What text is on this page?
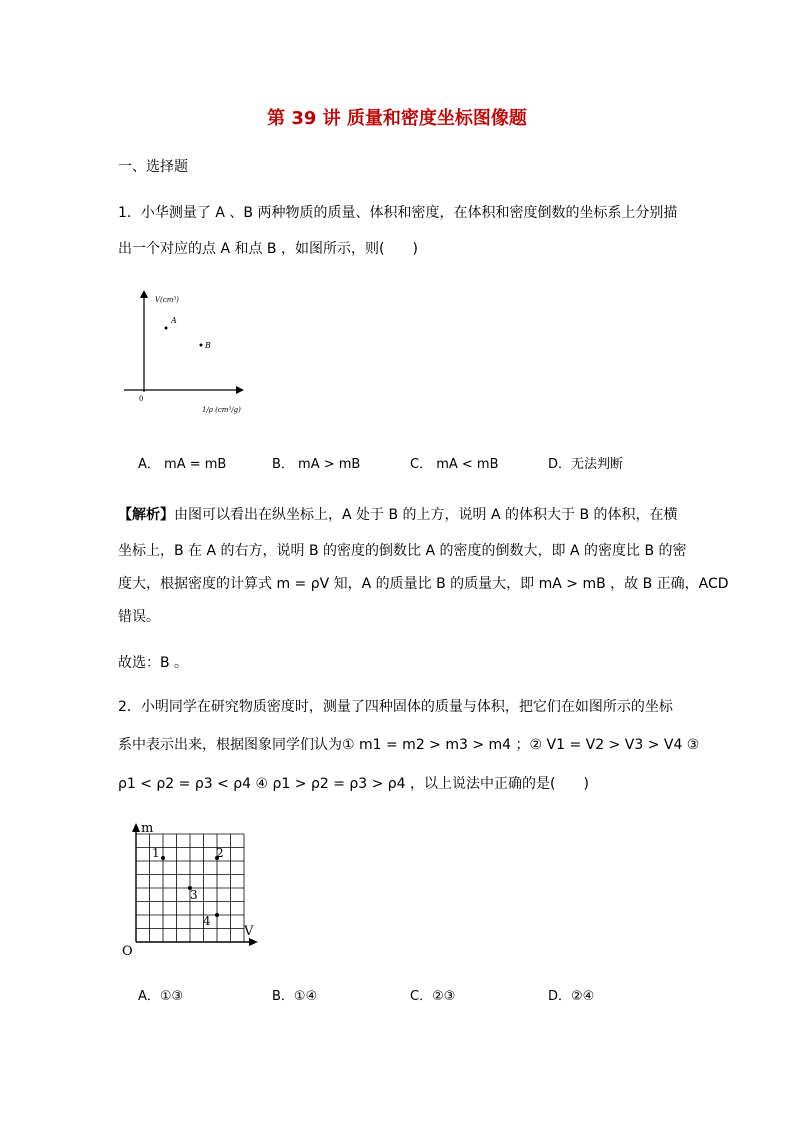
第 39 讲 质量和密度坐标图像题
一、选择题
1．小华测量了 A 、B 两种物质的质量、体积和密度，在体积和密度倒数的坐标系上分别描
出一个对应的点 A 和点 B ，如图所示，则(　　)
V(cm³)
1/ρ (cm³/g)
0
A
B
A． mA = mB	B． mA > mB	C． mA < mB	D．无法判断
【解析】由图可以看出在纵坐标上，A 处于 B 的上方，说明 A 的体积大于 B 的体积，在横
坐标上，B 在 A 的右方，说明 B 的密度的倒数比 A 的密度的倒数大，即 A 的密度比 B 的密
度大，根据密度的计算式 m = ρV 知，A 的质量比 B 的质量大，即 mA > mB ，故 B 正确，ACD
错误。
故选：B 。
2．小明同学在研究物质密度时，测量了四种固体的质量与体积，把它们在如图所示的坐标
系中表示出来，根据图象同学们认为① m1 = m2 > m3 > m4 ；② V1 = V2 > V3 > V4 ③
ρ1 < ρ2 = ρ3 < ρ4 ④ ρ1 > ρ2 = ρ3 > ρ4 ，以上说法中正确的是(　　)
m
V
O
1	2
3
4
A．①③	B．①④	C．②③	D．②④
